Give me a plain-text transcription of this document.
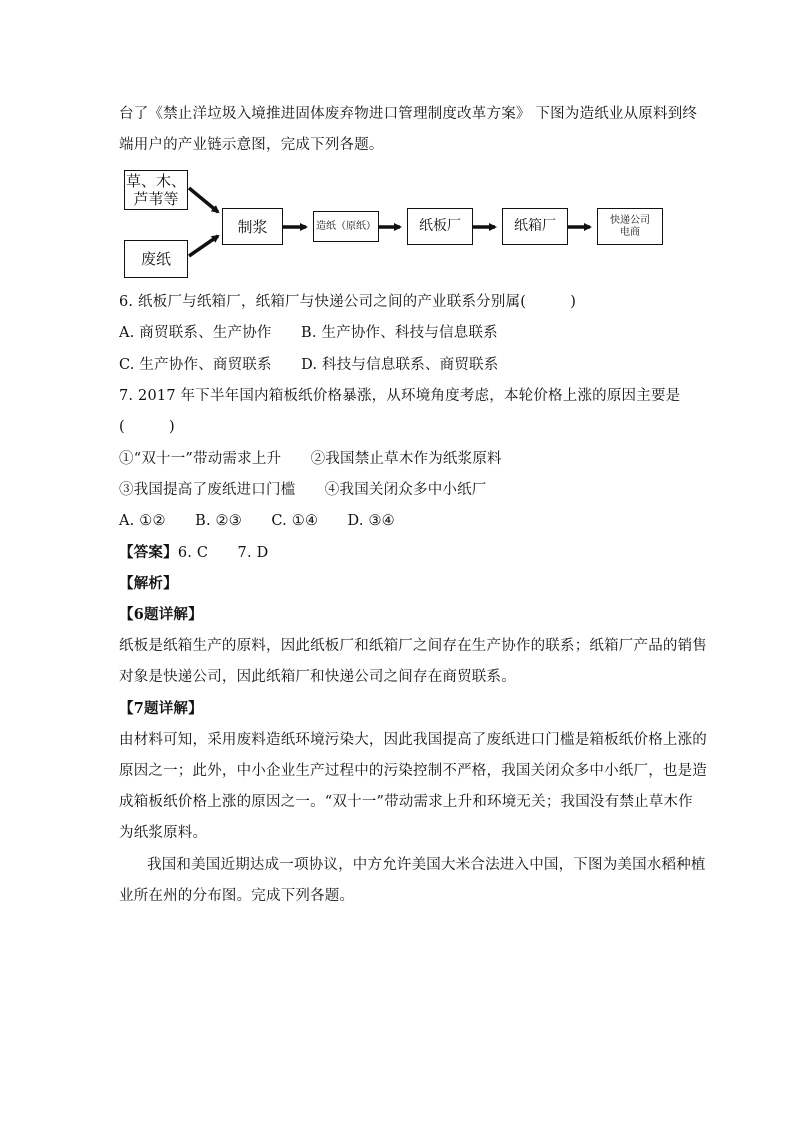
台了《禁止洋垃圾入境推进固体废弃物进口管理制度改革方案》 下图为造纸业从原料到终
端用户的产业链示意图，完成下列各题。
草、木、
芦苇等
废纸
制浆	造纸（原纸）	纸板厂	纸箱厂	快递公司
电商
6. 纸板厂与纸箱厂，纸箱厂与快递公司之间的产业联系分别属(　　　)
A. 商贸联系、生产协作　　B. 生产协作、科技与信息联系
C. 生产协作、商贸联系　　D. 科技与信息联系、商贸联系
7. 2017 年下半年国内箱板纸价格暴涨，从环境角度考虑，本轮价格上涨的原因主要是
(　　　)
①“双十一”带动需求上升　　②我国禁止草木作为纸浆原料
③我国提高了废纸进口门槛　　④我国关闭众多中小纸厂
A. ①②　　B. ②③　　C. ①④　　D. ③④
【答案】6. C　　7. D
【解析】
【6题详解】
纸板是纸箱生产的原料，因此纸板厂和纸箱厂之间存在生产协作的联系；纸箱厂产品的销售
对象是快递公司，因此纸箱厂和快递公司之间存在商贸联系。
【7题详解】
由材料可知，采用废料造纸环境污染大，因此我国提高了废纸进口门槛是箱板纸价格上涨的
原因之一；此外，中小企业生产过程中的污染控制不严格，我国关闭众多中小纸厂，也是造
成箱板纸价格上涨的原因之一。“双十一”带动需求上升和环境无关；我国没有禁止草木作
为纸浆原料。
我国和美国近期达成一项协议，中方允许美国大米合法进入中国，下图为美国水稻种植
业所在州的分布图。完成下列各题。
